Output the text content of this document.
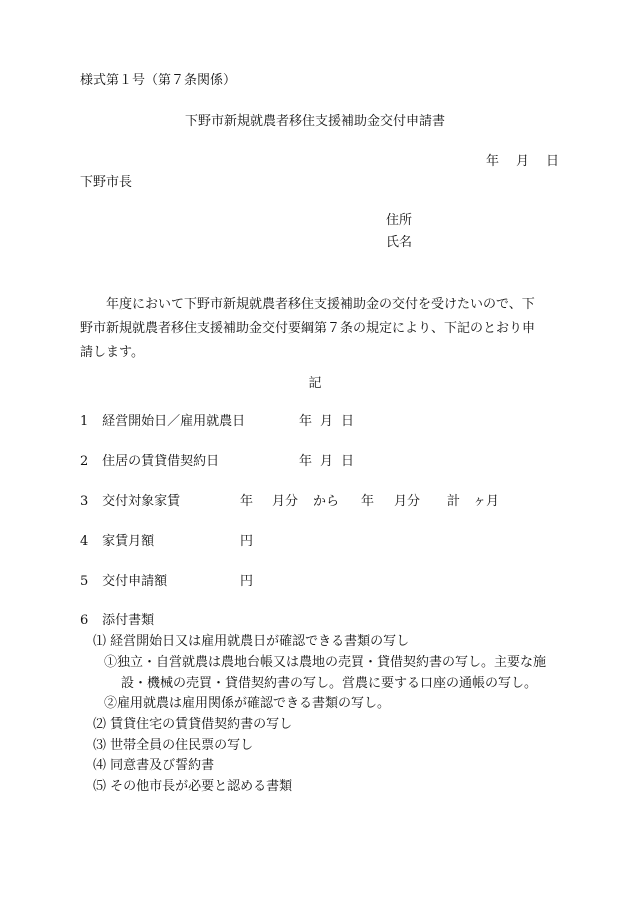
様式第１号（第７条関係）
下野市新規就農者移住支援補助金交付申請書
年 月 日
下野市長
住所
氏名

年度において下野市新規就農者移住支援補助金の交付を受けたいので、下

野市新規就農者移住支援補助金交付要綱第７条の規定により、下記のとおり申

請します。

記
1 経営開始日／雇用就農日	年 月 日
2 住居の賃貸借契約日	年 月 日
3 交付対象家賃	年 月分 から 年 月分 計 ヶ月
4 家賃月額	円
5 交付申請額	円
6 添付書類
⑴ 経営開始日又は雇用就農日が確認できる書類の写し
①独立・自営就農は農地台帳又は農地の売買・貸借契約書の写し。主要な施
設・機械の売買・貸借契約書の写し。営農に要する口座の通帳の写し。
②雇用就農は雇用関係が確認できる書類の写し。
⑵ 賃貸住宅の賃貸借契約書の写し
⑶ 世帯全員の住民票の写し
⑷ 同意書及び誓約書
⑸ その他市長が必要と認める書類
